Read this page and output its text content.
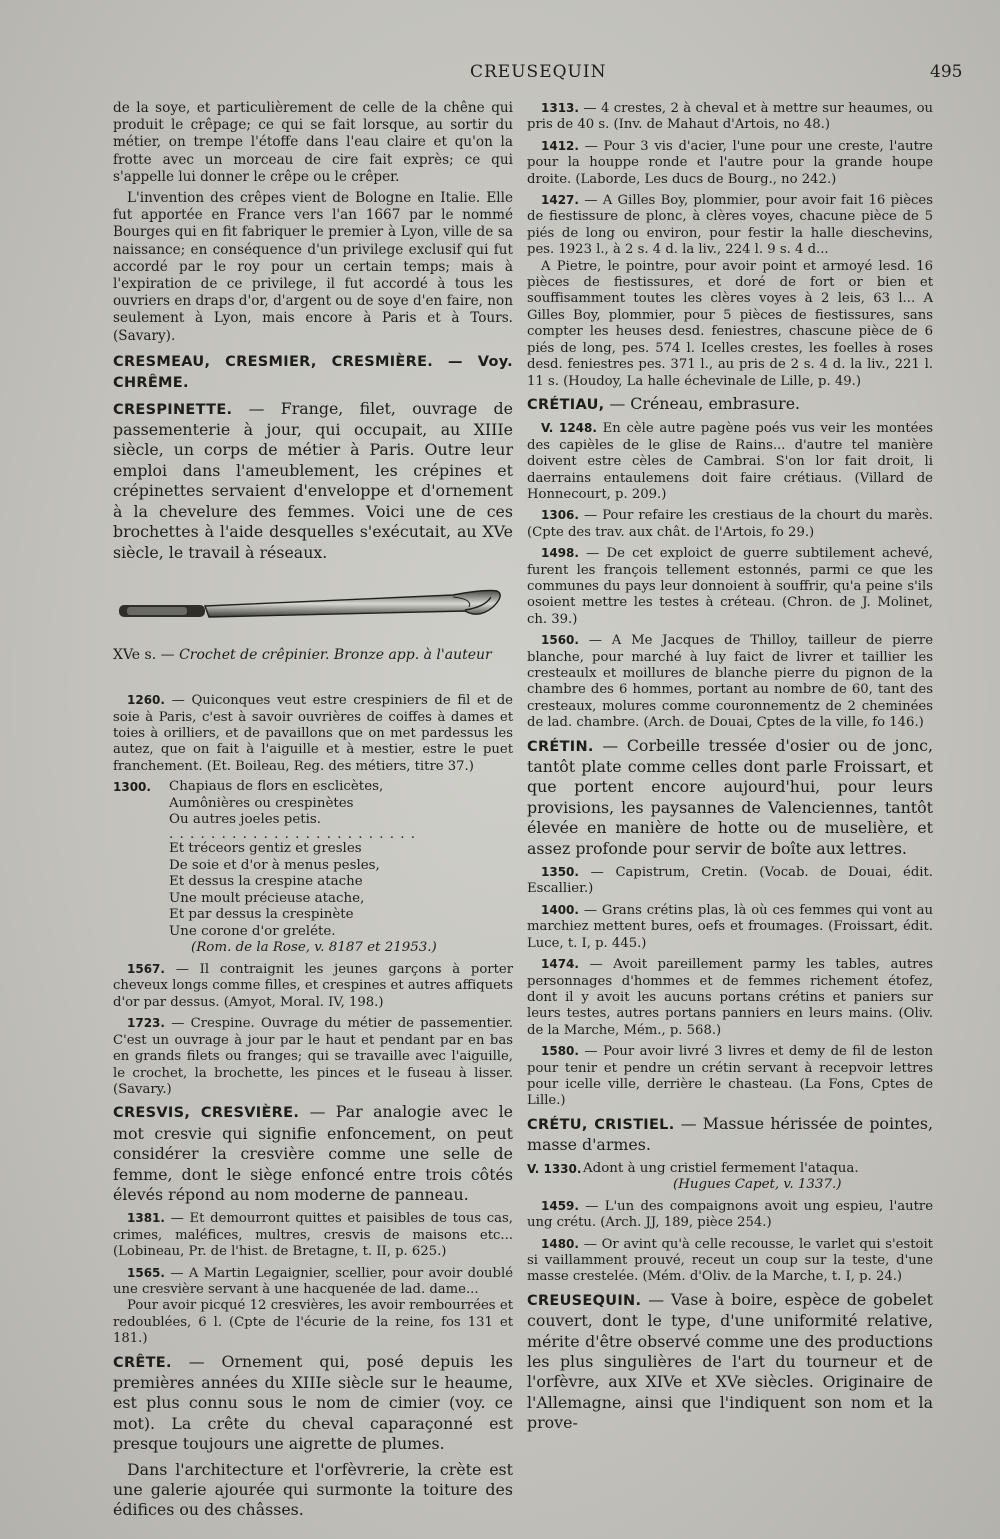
CREUSEQUIN	495

de la soye, et particulièrement de celle de la chêne qui produit le crêpage; ce qui se fait lorsque, au sortir du métier, on trempe l'étoffe dans l'eau claire et qu'on la frotte avec un morceau de cire fait exprès; ce qui s'appelle lui donner le crêpe ou le crêper.

L'invention des crêpes vient de Bologne en Italie. Elle fut apportée en France vers l'an 1667 par le nommé Bourges qui en fit fabriquer le premier à Lyon, ville de sa naissance; en conséquence d'un privilege exclusif qui fut accordé par le roy pour un certain temps; mais à l'expiration de ce privilege, il fut accordé à tous les ouvriers en draps d'or, d'argent ou de soye d'en faire, non seulement à Lyon, mais encore à Paris et à Tours. (Savary).

CRESMEAU, CRESMIER, CRESMIÈRE. — Voy. CHRÊME.

CRESPINETTE. — Frange, filet, ouvrage de passementerie à jour, qui occupait, au XIIIe siècle, un corps de métier à Paris. Outre leur emploi dans l'ameublement, les crépines et crépinettes servaient d'enveloppe et d'ornement à la chevelure des femmes. Voici une de ces brochettes à l'aide desquelles s'exécutait, au XVe siècle, le travail à réseaux.

XVe s. — Crochet de crêpinier. Bronze app. à l'auteur

1260. — Quiconques veut estre crespiniers de fil et de soie à Paris, c'est à savoir ouvrières de coiffes à dames et toies à orilliers, et de pavaillons que on met pardessus les autez, que on fait à l'aiguille et à mestier, estre le puet franchement. (Et. Boileau, Reg. des métiers, titre 37.)

1300.	Chapiaus de flors en esclicètes,

Aumônières ou crespinètes

Ou autres joeles petis.

. . . . . . . . . . . . . . . . . . . . . . . .

Et tréceors gentiz et gresles

De soie et d'or à menus pesles,

Et dessus la crespine atache

Une moult précieuse atache,

Et par dessus la crespinète

Une corone d'or greléte.

(Rom. de la Rose, v. 8187 et 21953.)

1567. — Il contraignit les jeunes garçons à porter cheveux longs comme filles, et crespines et autres affiquets d'or par dessus. (Amyot, Moral. IV, 198.)

1723. — Crespine. Ouvrage du métier de passementier. C'est un ouvrage à jour par le haut et pendant par en bas en grands filets ou franges; qui se travaille avec l'aiguille, le crochet, la brochette, les pinces et le fuseau à lisser. (Savary.)

CRESVIS, CRESVIÈRE. — Par analogie avec le mot cresvie qui signifie enfoncement, on peut considérer la cresvière comme une selle de femme, dont le siège enfoncé entre trois côtés élevés répond au nom moderne de panneau.

1381. — Et demourront quittes et paisibles de tous cas, crimes, maléfices, multres, cresvis de maisons etc... (Lobineau, Pr. de l'hist. de Bretagne, t. II, p. 625.)

1565. — A Martin Legaignier, scellier, pour avoir doublé une cresvière servant à une hacquenée de lad. dame...

Pour avoir picqué 12 cresvières, les avoir rembourrées et redoublées, 6 l. (Cpte de l'écurie de la reine, fos 131 et 181.)

CRÊTE. — Ornement qui, posé depuis les premières années du XIIIe siècle sur le heaume, est plus connu sous le nom de cimier (voy. ce mot). La crête du cheval caparaçonné est presque toujours une aigrette de plumes.

Dans l'architecture et l'orfèvrerie, la crète est une galerie ajourée qui surmonte la toiture des édifices ou des châsses.

1313. — 4 crestes, 2 à cheval et à mettre sur heaumes, ou pris de 40 s. (Inv. de Mahaut d'Artois, no 48.)

1412. — Pour 3 vis d'acier, l'une pour une creste, l'autre pour la houppe ronde et l'autre pour la grande houpe droite. (Laborde, Les ducs de Bourg., no 242.)

1427. — A Gilles Boy, plommier, pour avoir fait 16 pièces de fiestissure de plonc, à clères voyes, chacune pièce de 5 piés de long ou environ, pour festir la halle dieschevins, pes. 1923 l., à 2 s. 4 d. la liv., 224 l. 9 s. 4 d...

A Pietre, le pointre, pour avoir point et armoyé lesd. 16 pièces de fiestissures, et doré de fort or bien et souffisamment toutes les clères voyes à 2 leis, 63 l... A Gilles Boy, plommier, pour 5 pièces de fiestissures, sans compter les heuses desd. feniestres, chascune pièce de 6 piés de long, pes. 574 l. Icelles crestes, les foelles à roses desd. feniestres pes. 371 l., au pris de 2 s. 4 d. la liv., 221 l. 11 s. (Houdoy, La halle échevinale de Lille, p. 49.)

CRÉTIAU, — Créneau, embrasure.

V. 1248. En cèle autre pagène poés vus veir les montées des capièles de le glise de Rains... d'autre tel manière doivent estre cèles de Cambrai. S'on lor fait droit, li daerrains entaulemens doit faire crétiaus. (Villard de Honnecourt, p. 209.)

1306. — Pour refaire les crestiaus de la chourt du marès. (Cpte des trav. aux chât. de l'Artois, fo 29.)

1498. — De cet exploict de guerre subtilement achevé, furent les françois tellement estonnés, parmi ce que les communes du pays leur donnoient à souffrir, qu'a peine s'ils osoient mettre les testes à créteau. (Chron. de J. Molinet, ch. 39.)

1560. — A Me Jacques de Thilloy, tailleur de pierre blanche, pour marché à luy faict de livrer et taillier les cresteaulx et moillures de blanche pierre du pignon de la chambre des 6 hommes, portant au nombre de 60, tant des cresteaux, molures comme couronnementz de 2 cheminées de lad. chambre. (Arch. de Douai, Cptes de la ville, fo 146.)

CRÉTIN. — Corbeille tressée d'osier ou de jonc, tantôt plate comme celles dont parle Froissart, et que portent encore aujourd'hui, pour leurs provisions, les paysannes de Valenciennes, tantôt élevée en manière de hotte ou de muselière, et assez profonde pour servir de boîte aux lettres.

1350. — Capistrum, Cretin. (Vocab. de Douai, édit. Escallier.)

1400. — Grans crétins plas, là où ces femmes qui vont au marchiez mettent bures, oefs et froumages. (Froissart, édit. Luce, t. I, p. 445.)

1474. — Avoit pareillement parmy les tables, autres personnages d'hommes et de femmes richement étofez, dont il y avoit les aucuns portans crétins et paniers sur leurs testes, autres portans panniers en leurs mains. (Oliv. de la Marche, Mém., p. 568.)

1580. — Pour avoir livré 3 livres et demy de fil de leston pour tenir et pendre un crétin servant à recepvoir lettres pour icelle ville, derrière le chasteau. (La Fons, Cptes de Lille.)

CRÉTU, CRISTIEL. — Massue hérissée de pointes, masse d'armes.

V. 1330. Adont à ung cristiel fermement l'ataqua.

(Hugues Capet, v. 1337.)

1459. — L'un des compaignons avoit ung espieu, l'autre ung crétu. (Arch. JJ, 189, pièce 254.)

1480. — Or avint qu'à celle recousse, le varlet qui s'estoit si vaillamment prouvé, receut un coup sur la teste, d'une masse crestelée. (Mém. d'Oliv. de la Marche, t. I, p. 24.)

CREUSEQUIN. — Vase à boire, espèce de gobelet couvert, dont le type, d'une uniformité relative, mérite d'être observé comme une des productions les plus singulières de l'art du tourneur et de l'orfèvre, aux XIVe et XVe siècles. Originaire de l'Allemagne, ainsi que l'indiquent son nom et la prove-
